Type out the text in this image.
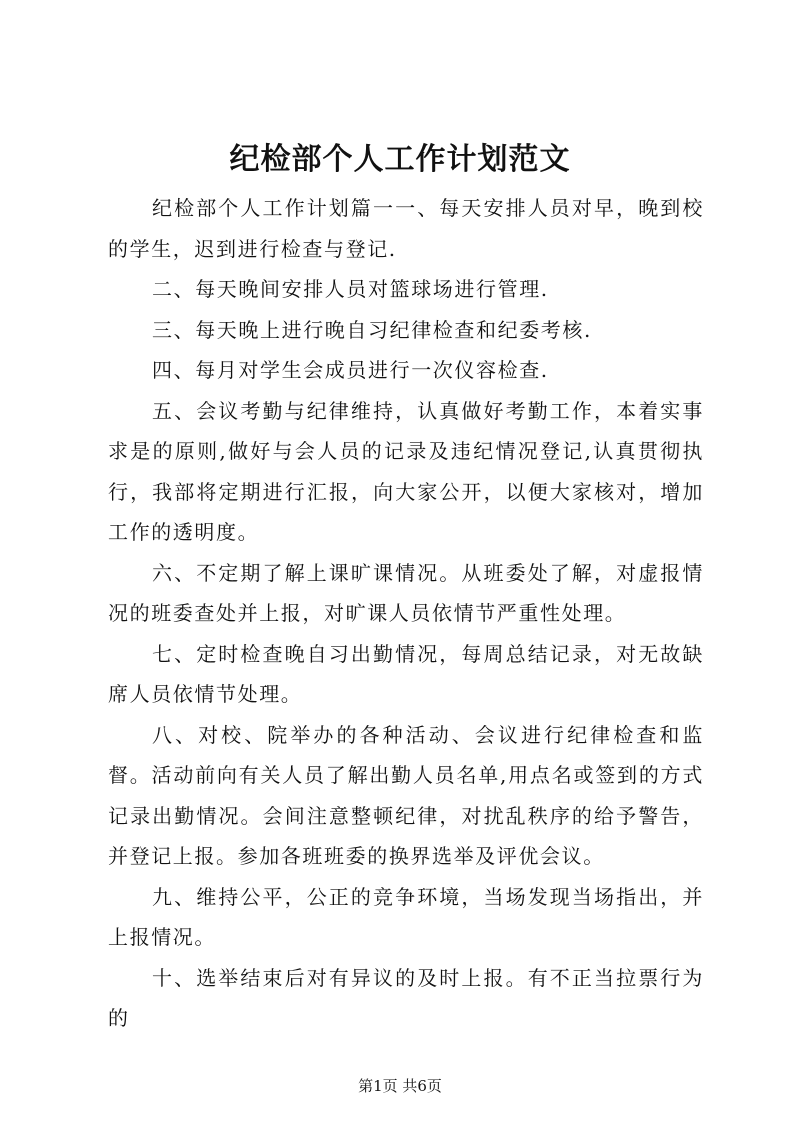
纪检部个人工作计划范文

纪检部个人工作计划篇一一、每天安排人员对早，晚到校的学生，迟到进行检查与登记.

二、每天晚间安排人员对篮球场进行管理.

三、每天晚上进行晚自习纪律检查和纪委考核.

四、每月对学生会成员进行一次仪容检查.

五、会议考勤与纪律维持，认真做好考勤工作，本着实事求是的原则,做好与会人员的记录及违纪情况登记,认真贯彻执行，我部将定期进行汇报，向大家公开，以便大家核对，增加工作的透明度。

六、不定期了解上课旷课情况。从班委处了解，对虚报情况的班委查处并上报，对旷课人员依情节严重性处理。

七、定时检查晚自习出勤情况，每周总结记录，对无故缺席人员依情节处理。

八、对校、院举办的各种活动、会议进行纪律检查和监督。活动前向有关人员了解出勤人员名单,用点名或签到的方式记录出勤情况。会间注意整顿纪律，对扰乱秩序的给予警告，并登记上报。参加各班班委的换界选举及评优会议。

九、维持公平，公正的竞争环境，当场发现当场指出，并上报情况。

十、选举结束后对有异议的及时上报。有不正当拉票行为的

第1页 共6页
